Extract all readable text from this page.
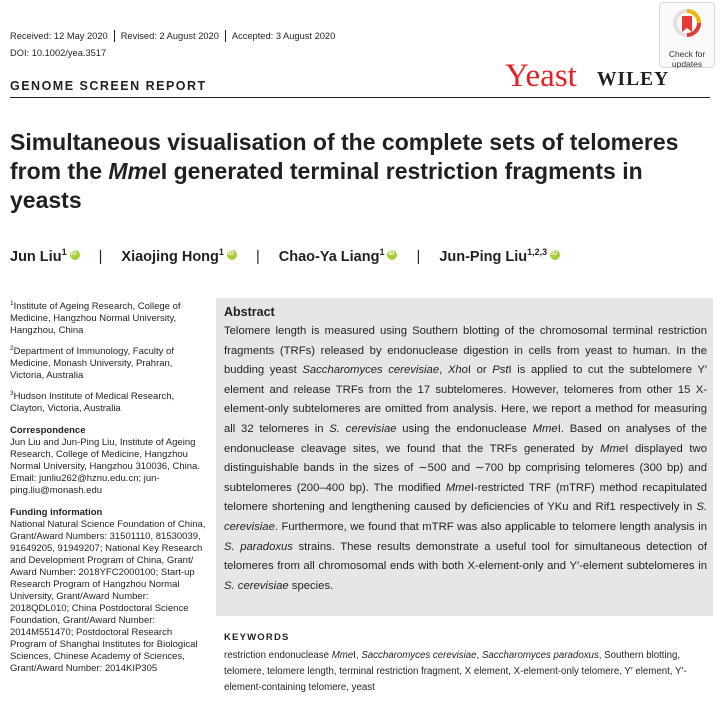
Received: 12 May 2020 Revised: 2 August 2020 Accepted: 3 August 2020
DOI: 10.1002/yea.3517	Check for
updates
GENOME SCREEN REPORT	Yeast WILEY
Simultaneous visualisation of the complete sets of telomeres from the MmeI generated terminal restriction fragments in yeasts
Jun Liu$^1$ iD | Xiaojing Hong$^1$ iD | Chao-Ya Liang$^1$ iD | Jun-Ping Liu$^{1,2,3}$iD

$^1$Institute of Ageing Research, College of Medicine, Hangzhou Normal University, Hangzhou, China

$^2$Department of Immunology, Faculty of Medicine, Monash University, Prahran, Victoria, Australia

$^3$Hudson Institute of Medical Research, Clayton, Victoria, Australia

Correspondence

Jun Liu and Jun-Ping Liu, Institute of Ageing Research, College of Medicine, Hangzhou Normal University, Hangzhou 310036, China. Email: junliu262@hznu.edu.cn; jun-ping.liu@monash.edu

Funding information

National Natural Science Foundation of China, Grant/Award Numbers: 31501110, 81530039, 91649205, 91949207; National Key Research and Development Program of China, Grant/ Award Number: 2018YFC2000100; Start-up Research Program of Hangzhou Normal University, Grant/Award Number: 2018QDL010; China Postdoctoral Science Foundation, Grant/Award Number: 2014M551470; Postdoctoral Research Program of Shanghai Institutes for Biological Sciences, Chinese Academy of Sciences, Grant/Award Number: 2014KIP305

Abstract
Telomere length is measured using Southern blotting of the chromosomal terminal restriction fragments (TRFs) released by endonuclease digestion in cells from yeast to human. In the budding yeast Saccharomyces cerevisiae, XhoI or PstI is applied to cut the subtelomere Y′ element and release TRFs from the 17 subtelomeres. However, telomeres from other 15 X-element-only subtelomeres are omitted from analysis. Here, we report a method for measuring all 32 telomeres in S. cerevisiae using the endonuclease MmeI. Based on analyses of the endonuclease cleavage sites, we found that the TRFs generated by MmeI displayed two distinguishable bands in the sizes of ∼500 and ∼700 bp comprising telomeres (300 bp) and subtelomeres (200–400 bp). The modified MmeI-restricted TRF (mTRF) method recapitulated telomere shortening and lengthening caused by deficiencies of YKu and Rif1 respectively in S. cerevisiae. Furthermore, we found that mTRF was also applicable to telomere length analysis in S. paradoxus strains. These results demonstrate a useful tool for simultaneous detection of telomeres from all chromosomal ends with both X-element-only and Y′-element subtelomeres in S. cerevisiae species.
KEYWORDS
restriction endonuclease MmeI, Saccharomyces cerevisiae, Saccharomyces paradoxus, Southern blotting, telomere, telomere length, terminal restriction fragment, X element, X-element-only telomere, Y′ element, Y′-element-containing telomere, yeast
